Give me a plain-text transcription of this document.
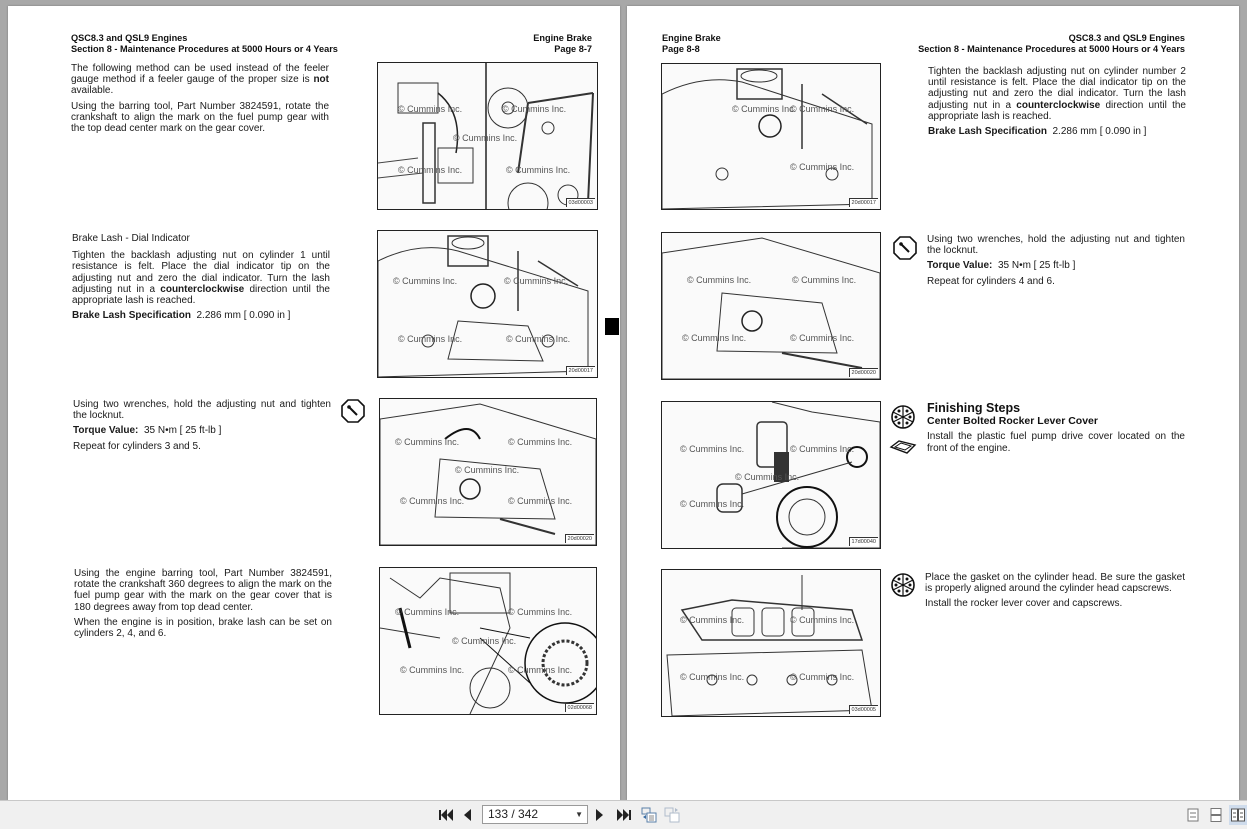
QSC8.3 and QSL9 Engines
Section 8 - Maintenance Procedures at 5000 Hours or 4 Years
Engine Brake
Page 8-7

The following method can be used instead of the feeler gauge method if a feeler gauge of the proper size is not available.

Using the barring tool, Part Number 3824591, rotate the crankshaft to align the mark on the fuel pump gear with the top dead center mark on the gear cover.

© Cummins Inc.	© Cummins Inc.
© Cummins Inc.
© Cummins Inc.	© Cummins Inc.
03d00003

Brake Lash - Dial Indicator

Tighten the backlash adjusting nut on cylinder 1 until resistance is felt. Place the dial indicator tip on the adjusting nut and zero the dial indicator. Turn the lash adjusting nut in a counterclockwise direction until the appropriate lash is reached.

Brake Lash Specification 2.286 mm [ 0.090 in ]
© Cummins Inc.	© Cummins Inc.
© Cummins Inc.	© Cummins Inc.
20d00017

Using two wrenches, hold the adjusting nut and tighten the locknut.

Torque Value: 35 N•m [ 25 ft-lb ]

Repeat for cylinders 3 and 5.	© Cummins Inc.	© Cummins Inc.
© Cummins Inc.
© Cummins Inc.	© Cummins Inc.
20d00020

Using the engine barring tool, Part Number 3824591, rotate the crankshaft 360 degrees to align the mark on the fuel pump gear with the mark on the gear cover that is 180 degrees away from top dead center.

When the engine is in position, brake lash can be set on cylinders 2, 4, and 6.

© Cummins Inc.	© Cummins Inc.
© Cummins Inc.
© Cummins Inc.	© Cummins Inc.
02d00068
Engine Brake
Page 8-8
QSC8.3 and QSL9 Engines
Section 8 - Maintenance Procedures at 5000 Hours or 4 Years
© Cummins Inc.
© Cummins Inc.
© Cummins Inc.
20d00017

Tighten the backlash adjusting nut on cylinder number 2 until resistance is felt. Place the dial indicator tip on the adjusting nut and zero the dial indicator. Turn the lash adjusting nut in a counterclockwise direction until the appropriate lash is reached.

Brake Lash Specification 2.286 mm [ 0.090 in ]
© Cummins Inc.	© Cummins Inc.
© Cummins Inc.	© Cummins Inc.
20d00020

Using two wrenches, hold the adjusting nut and tighten the locknut.

Torque Value: 35 N•m [ 25 ft-lb ]

Repeat for cylinders 4 and 6.

© Cummins Inc.	© Cummins Inc.
© Cummins Inc.
© Cummins Inc.
17d00040
Finishing Steps
Center Bolted Rocker Lever Cover

Install the plastic fuel pump drive cover located on the front of the engine.

© Cummins Inc.	© Cummins Inc.
© Cummins Inc.	© Cummins Inc.
03d00005

Place the gasket on the cylinder head. Be sure the gasket is properly aligned around the cylinder head capscrews.

Install the rocker lever cover and capscrews.

133 / 342	▼
